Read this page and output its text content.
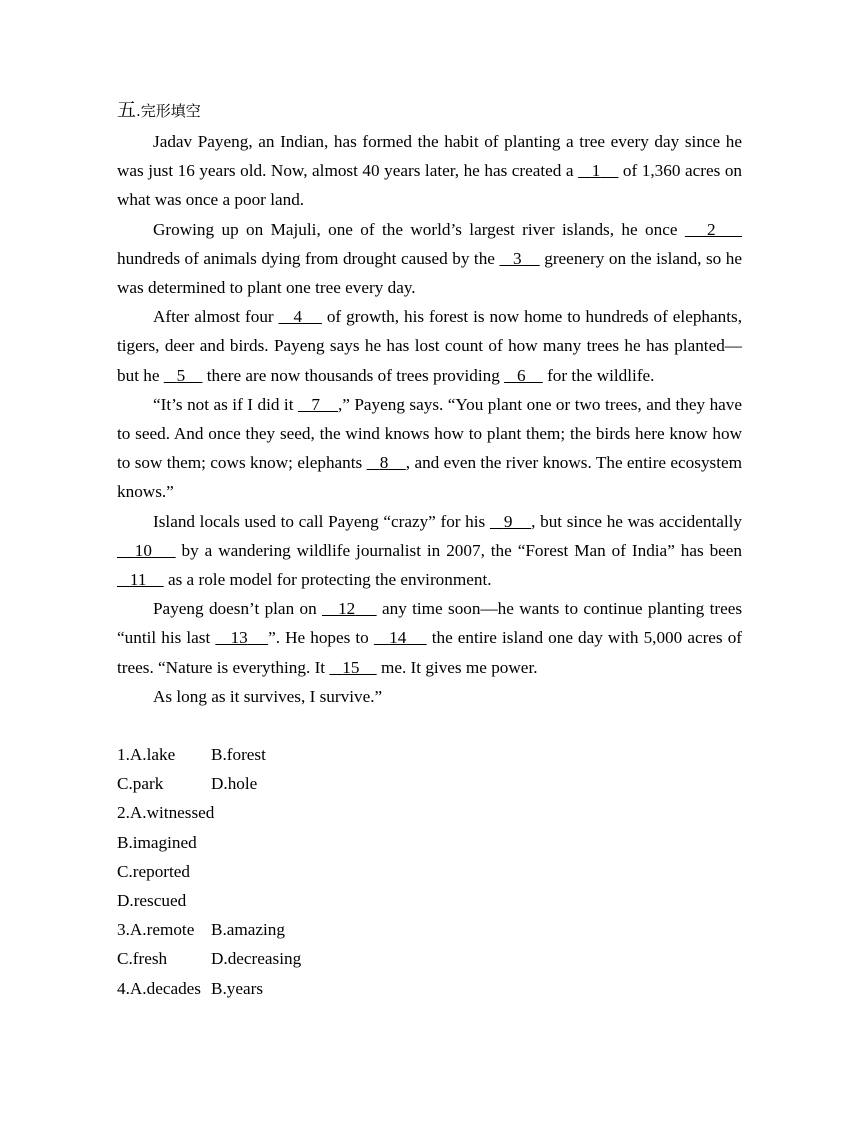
五.完形填空

Jadav Payeng, an Indian, has formed the habit of planting a tree every day since he was just 16 years old. Now, almost 40 years later, he has created a    1     of 1,360 acres on what was once a poor land.

Growing up on Majuli, one of the world’s largest river islands, he once    2     hundreds of animals dying from drought caused by the    3     greenery on the island, so he was determined to plant one tree every day.

After almost four    4     of growth, his forest is now home to hundreds of elephants, tigers, deer and birds. Payeng says he has lost count of how many trees he has planted—but he    5     there are now thousands of trees providing    6     for the wildlife.

“It’s not as if I did it    7 ,” Payeng says. “You plant one or two trees, and they have to seed. And once they seed, the wind knows how to plant them; the birds here know how to sow them; cows know; elephants    8 , and even the river knows. The entire ecosystem knows.”

Island locals used to call Payeng “crazy” for his    9 , but since he was accidentally    10     by a wandering wildlife journalist in 2007, the “Forest Man of India” has been    11     as a role model for protecting the environment.

Payeng doesn’t plan on    12     any time soon—he wants to continue planting trees “until his last    13 ”. He hopes to    14     the entire island one day with 5,000 acres of trees. “Nature is everything. It    15     me. It gives me power.

As long as it survives, I survive.”

1.A.lake B.forest
C.park	D.hole
2.A.witnessed
B.imagined
C.reported
D.rescued
3.A.remote B.amazing
C.fresh	D.decreasing
4.A.decades B.years
